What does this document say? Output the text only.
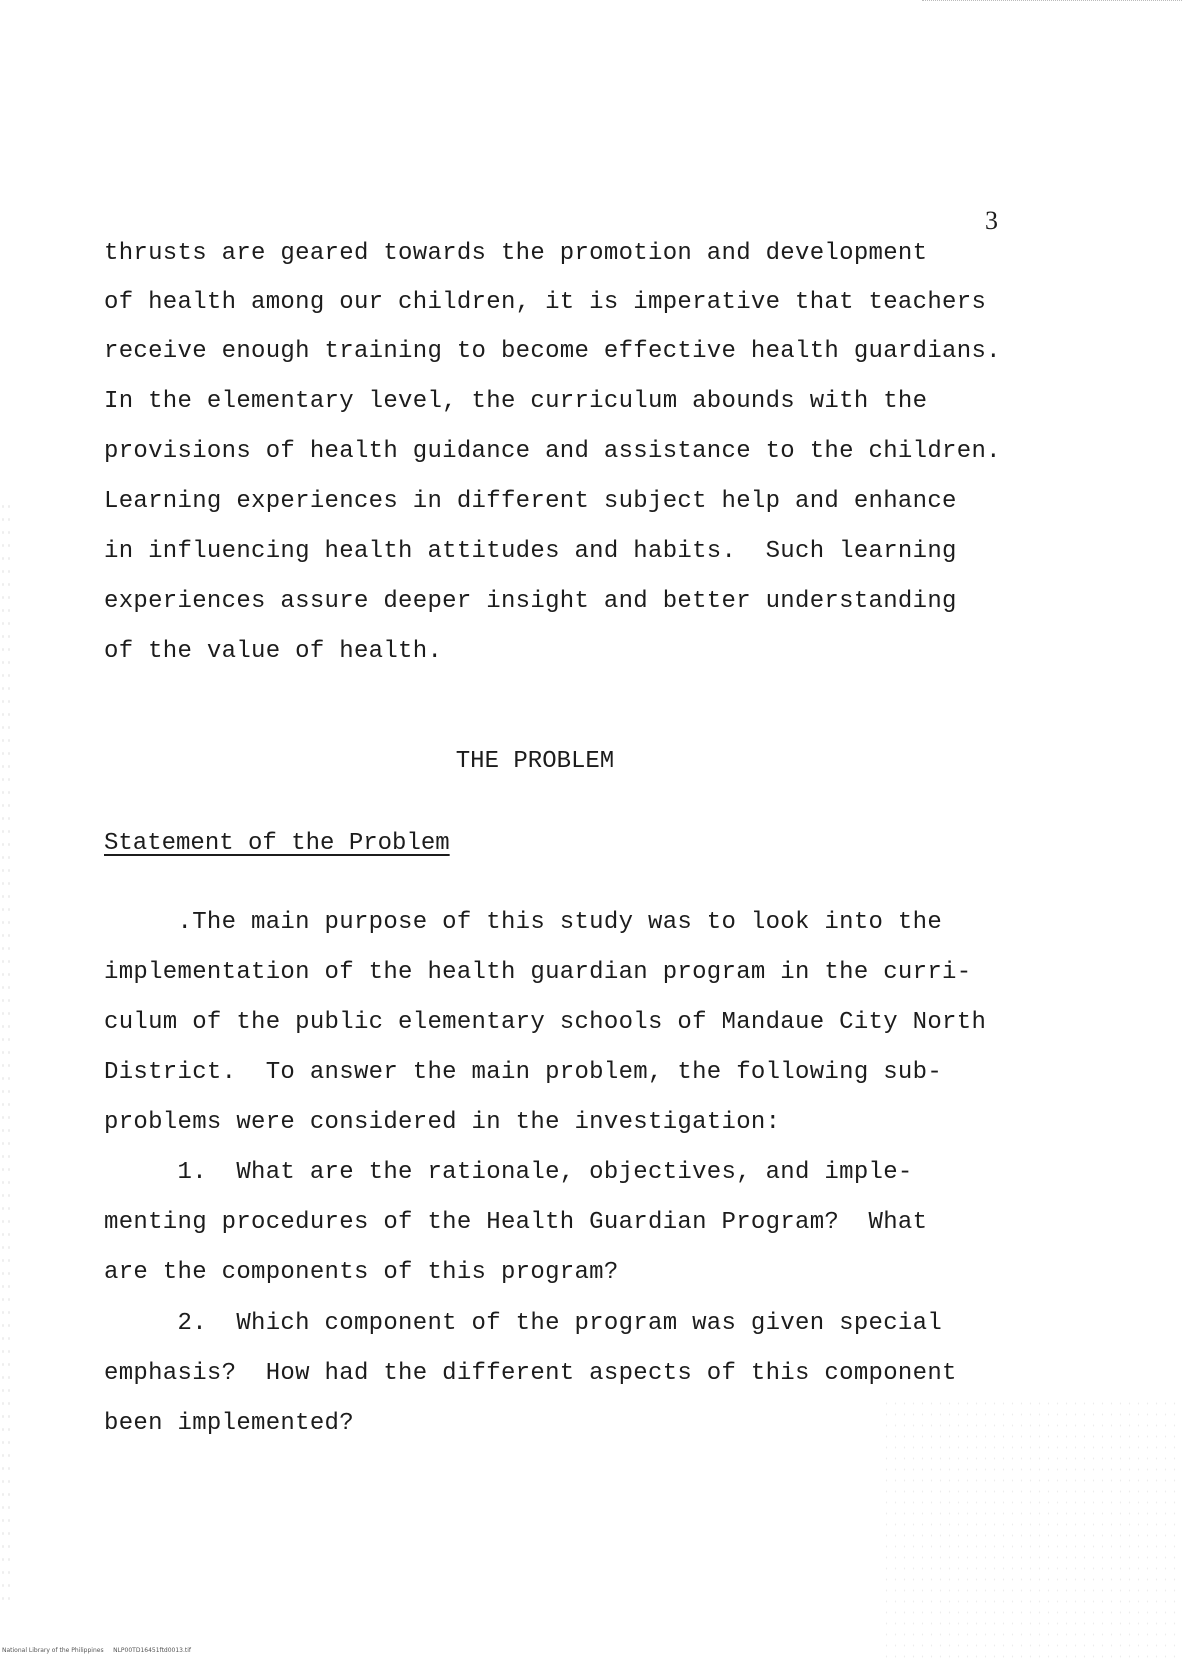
3
thrusts are geared towards the promotion and development
of health among our children, it is imperative that teachers
receive enough training to become effective health guardians.
In the elementary level, the curriculum abounds with the
provisions of health guidance and assistance to the children.
Learning experiences in different subject help and enhance
in influencing health attitudes and habits.  Such learning
experiences assure deeper insight and better understanding
of the value of health.
THE PROBLEM
Statement of the Problem
.The main purpose of this study was to look into the
implementation of the health guardian program in the curri-
culum of the public elementary schools of Mandaue City North
District.  To answer the main problem, the following sub-
problems were considered in the investigation:
1.  What are the rationale, objectives, and imple-
menting procedures of the Health Guardian Program?  What
are the components of this program?
2.  Which component of the program was given special
emphasis?  How had the different aspects of this component
been implemented?
National Library of the Philippines     NLP00TD16451ftd0013.tif
